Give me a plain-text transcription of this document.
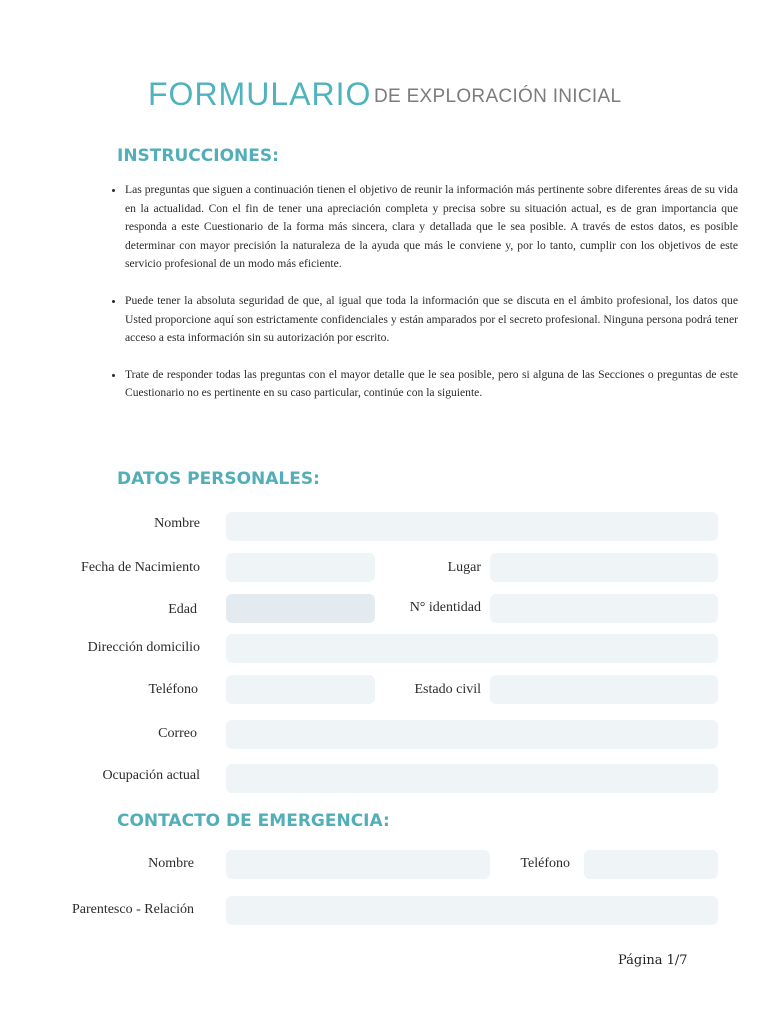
FORMULARIO DE EXPLORACIÓN INICIAL
INSTRUCCIONES:
• Las preguntas que siguen a continuación tienen el objetivo de reunir la información más pertinente sobre diferentes áreas de su vida en la actualidad. Con el fin de tener una apreciación completa y precisa sobre su situación actual, es de gran importancia que responda a este Cuestionario de la forma más sincera, clara y detallada que le sea posible. A través de estos datos, es posible determinar con mayor precisión la naturaleza de la ayuda que más le conviene y, por lo tanto, cumplir con los objetivos de este servicio profesional de un modo más eficiente.
• Puede tener la absoluta seguridad de que, al igual que toda la información que se discuta en el ámbito profesional, los datos que Usted proporcione aquí son estrictamente confidenciales y están amparados por el secreto profesional. Ninguna persona podrá tener acceso a esta información sin su autorización por escrito.
• Trate de responder todas las preguntas con el mayor detalle que le sea posible, pero si alguna de las Secciones o preguntas de este Cuestionario no es pertinente en su caso particular, continúe con la siguiente.
DATOS PERSONALES:
Nombre
Fecha de Nacimiento	Lugar
Edad	N° identidad
Dirección domicilio
Teléfono	Estado civil
Correo
Ocupación actual
CONTACTO DE EMERGENCIA:
Nombre	Teléfono
Parentesco - Relación
Página 1/7
